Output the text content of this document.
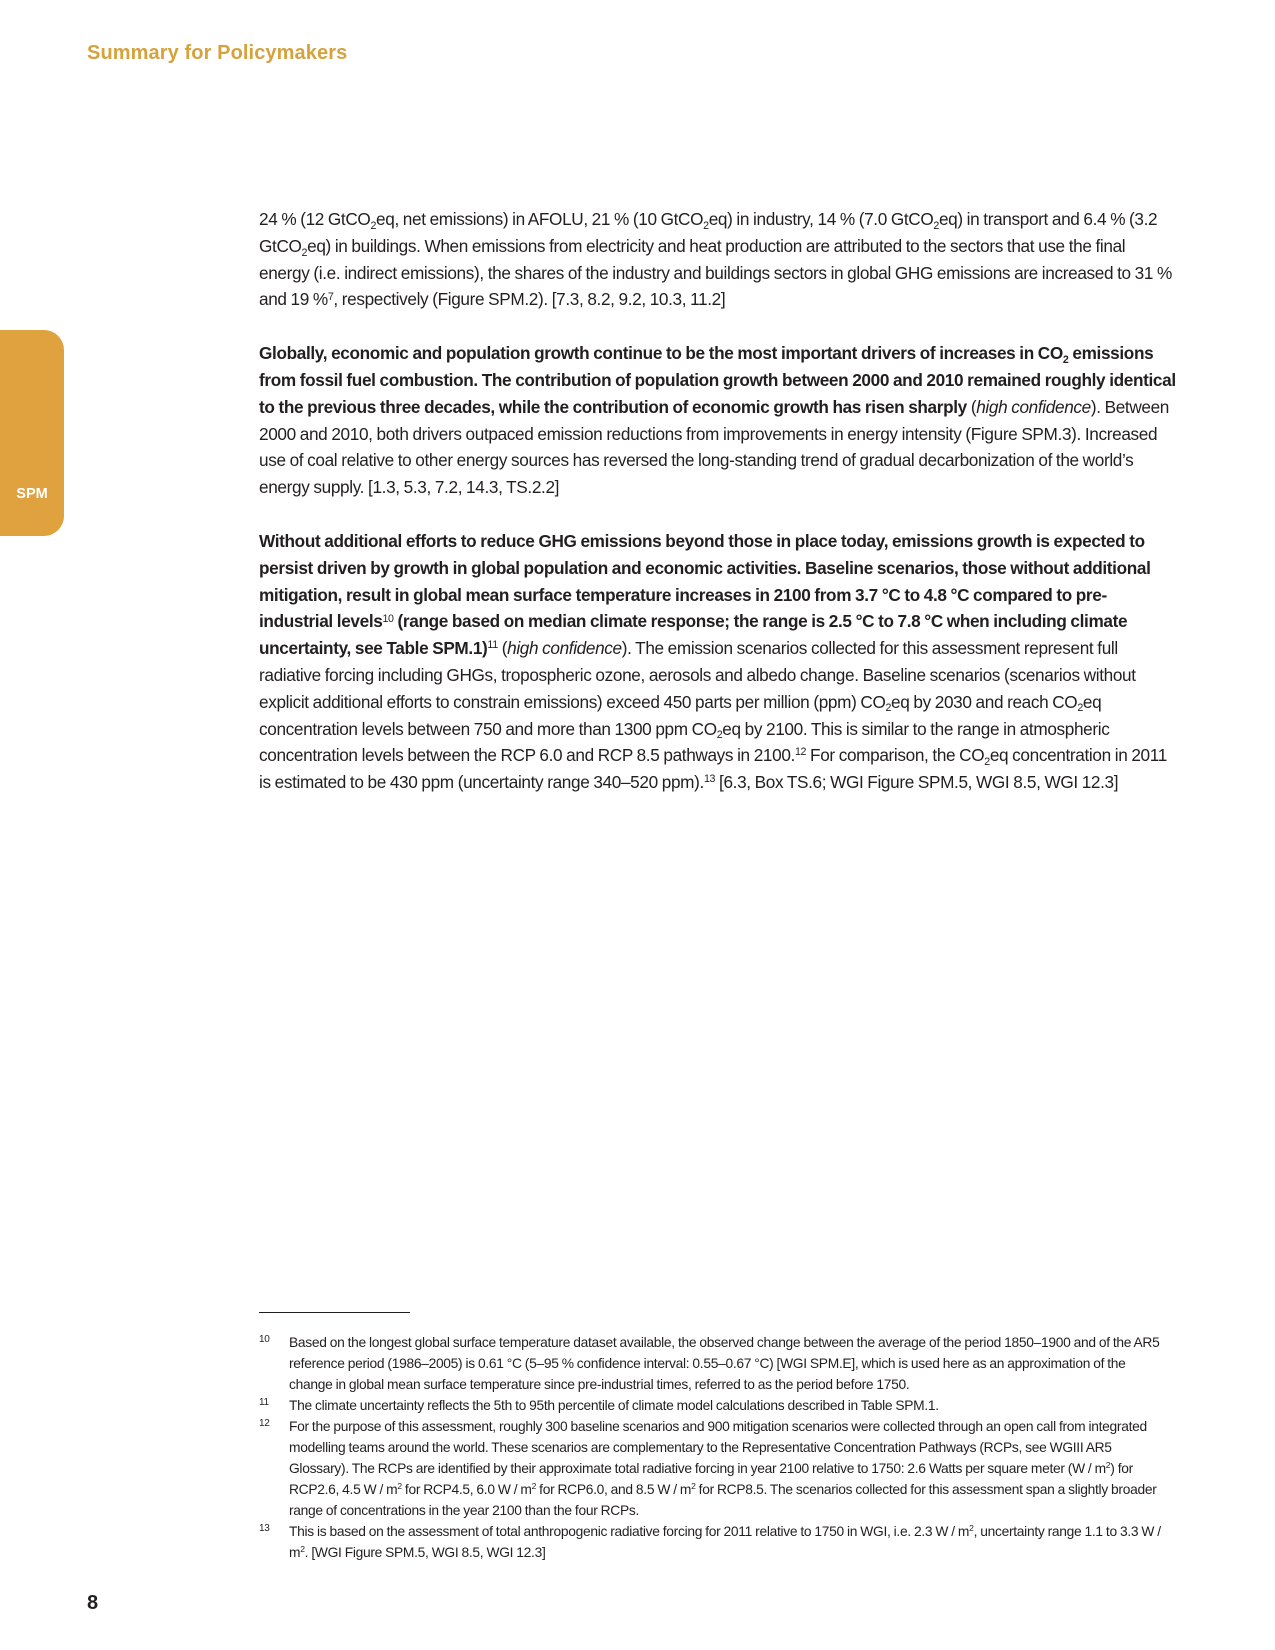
Summary for Policymakers
SPM

24 % (12 GtCO$_2$eq, net emissions) in AFOLU, 21 % (10 GtCO$_2$eq) in industry, 14 % (7.0 GtCO$_2$eq) in transport and 6.4 % (3.2 GtCO$_2$eq) in buildings. When emissions from electricity and heat production are attributed to the sectors that use the final energy (i.e. indirect emissions), the shares of the industry and buildings sectors in global GHG emissions are increased to 31 % and 19 %$^7$, respectively (Figure SPM.2). [7.3, 8.2, 9.2, 10.3, 11.2]

Globally, economic and population growth continue to be the most important drivers of increases in $CO_2$ emissions from fossil fuel combustion. The contribution of population growth between 2000 and 2010 remained roughly identical to the previous three decades, while the contribution of economic growth has risen sharply (high confidence). Between 2000 and 2010, both drivers outpaced emission reductions from improvements in energy intensity (Figure SPM.3). Increased use of coal relative to other energy sources has reversed the long-standing trend of gradual decarbonization of the world’s energy supply. [1.3, 5.3, 7.2, 14.3, TS.2.2]

Without additional efforts to reduce GHG emissions beyond those in place today, emissions growth is expected to persist driven by growth in global population and economic activities. Baseline scenarios, those without additional mitigation, result in global mean surface temperature increases in 2100 from 3.7 °C to 4.8 °C compared to pre-industrial levels$^{10}$ (range based on median climate response; the range is 2.5 °C to 7.8 °C when including climate uncertainty, see Table SPM.1)$^{11}$ (high confidence). The emission scenarios collected for this assessment represent full radiative forcing including GHGs, tropospheric ozone, aerosols and albedo change. Baseline scenarios (scenarios without explicit additional efforts to constrain emissions) exceed 450 parts per million (ppm) $CO_2eq$ by 2030 and reach $CO_2eq$ concentration levels between 750 and more than 1300 ppm $CO_2eq$ by 2100. This is similar to the range in atmospheric concentration levels between the RCP 6.0 and RCP 8.5 pathways in 2100.12 For comparison, the $CO_2eq$ concentration in 2011 is estimated to be 430 ppm (uncertainty range 340–520 ppm).$^{13}$ [6.3, Box TS.6; WGI Figure SPM.5, WGI 8.5, WGI 12.3]

10	Based on the longest global surface temperature dataset available, the observed change between the average of the period 1850–1900 and of the AR5 reference period (1986–2005) is 0.61 °C (5–95 % confidence interval: 0.55–0.67 °C) [WGI SPM.E], which is used here as an approximation of the change in global mean surface temperature since pre-industrial times, referred to as the period before 1750.
11	The climate uncertainty reflects the 5th to 95th percentile of climate model calculations described in Table SPM.1.
12	For the purpose of this assessment, roughly 300 baseline scenarios and 900 mitigation scenarios were collected through an open call from integrated modelling teams around the world. These scenarios are complementary to the Representative Concentration Pathways (RCPs, see WGIII AR5 Glossary). The RCPs are identified by their approximate total radiative forcing in year 2100 relative to 1750: 2.6 Watts per square meter $(W / m^2)$ for RCP2.6, 4.5 W / $m^2$ for RCP4.5, 6.0 W / $m^2$ for RCP6.0, and 8.5 W / $m^2$ for RCP8.5. The scenarios collected for this assessment span a slightly broader range of concentrations in the year 2100 than the four RCPs.
13	This is based on the assessment of total anthropogenic radiative forcing for 2011 relative to 1750 in WGI, i.e. 2.3 W / $m^2$, uncertainty range 1.1 to 3.3 W / $m^2$. [WGI Figure SPM.5, WGI 8.5, WGI 12.3]
8
